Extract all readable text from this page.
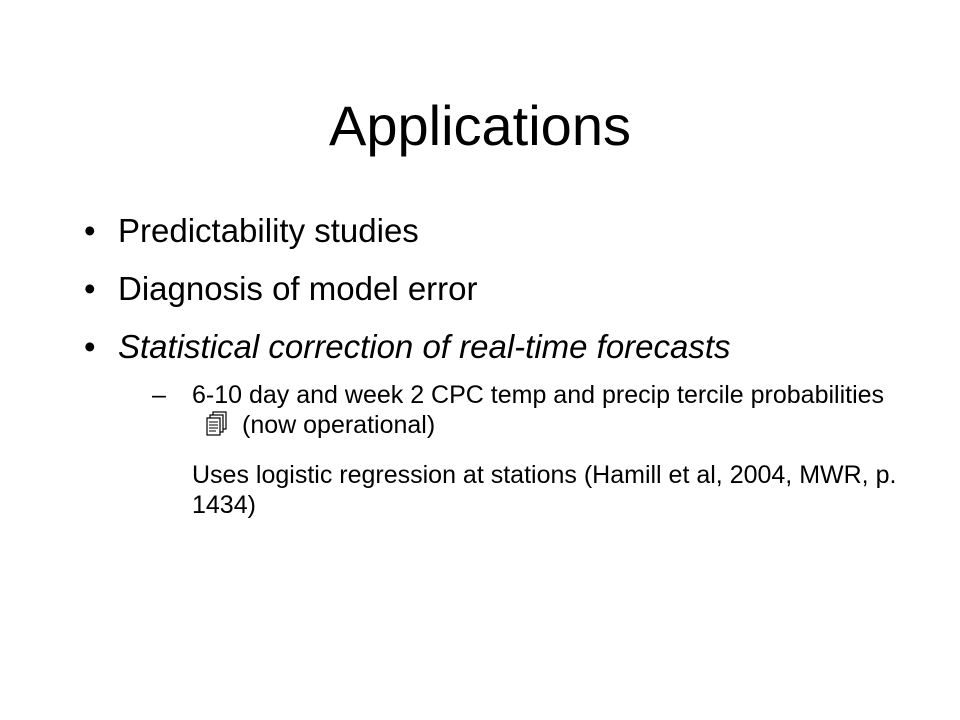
Applications
• Predictability studies
• Diagnosis of model error
• Statistical correction of real-time forecasts
– 6-10 day and week 2 CPC temp and precip tercile probabilities(now operational)
Uses logistic regression at stations (Hamill et al, 2004, MWR, p. 1434)
